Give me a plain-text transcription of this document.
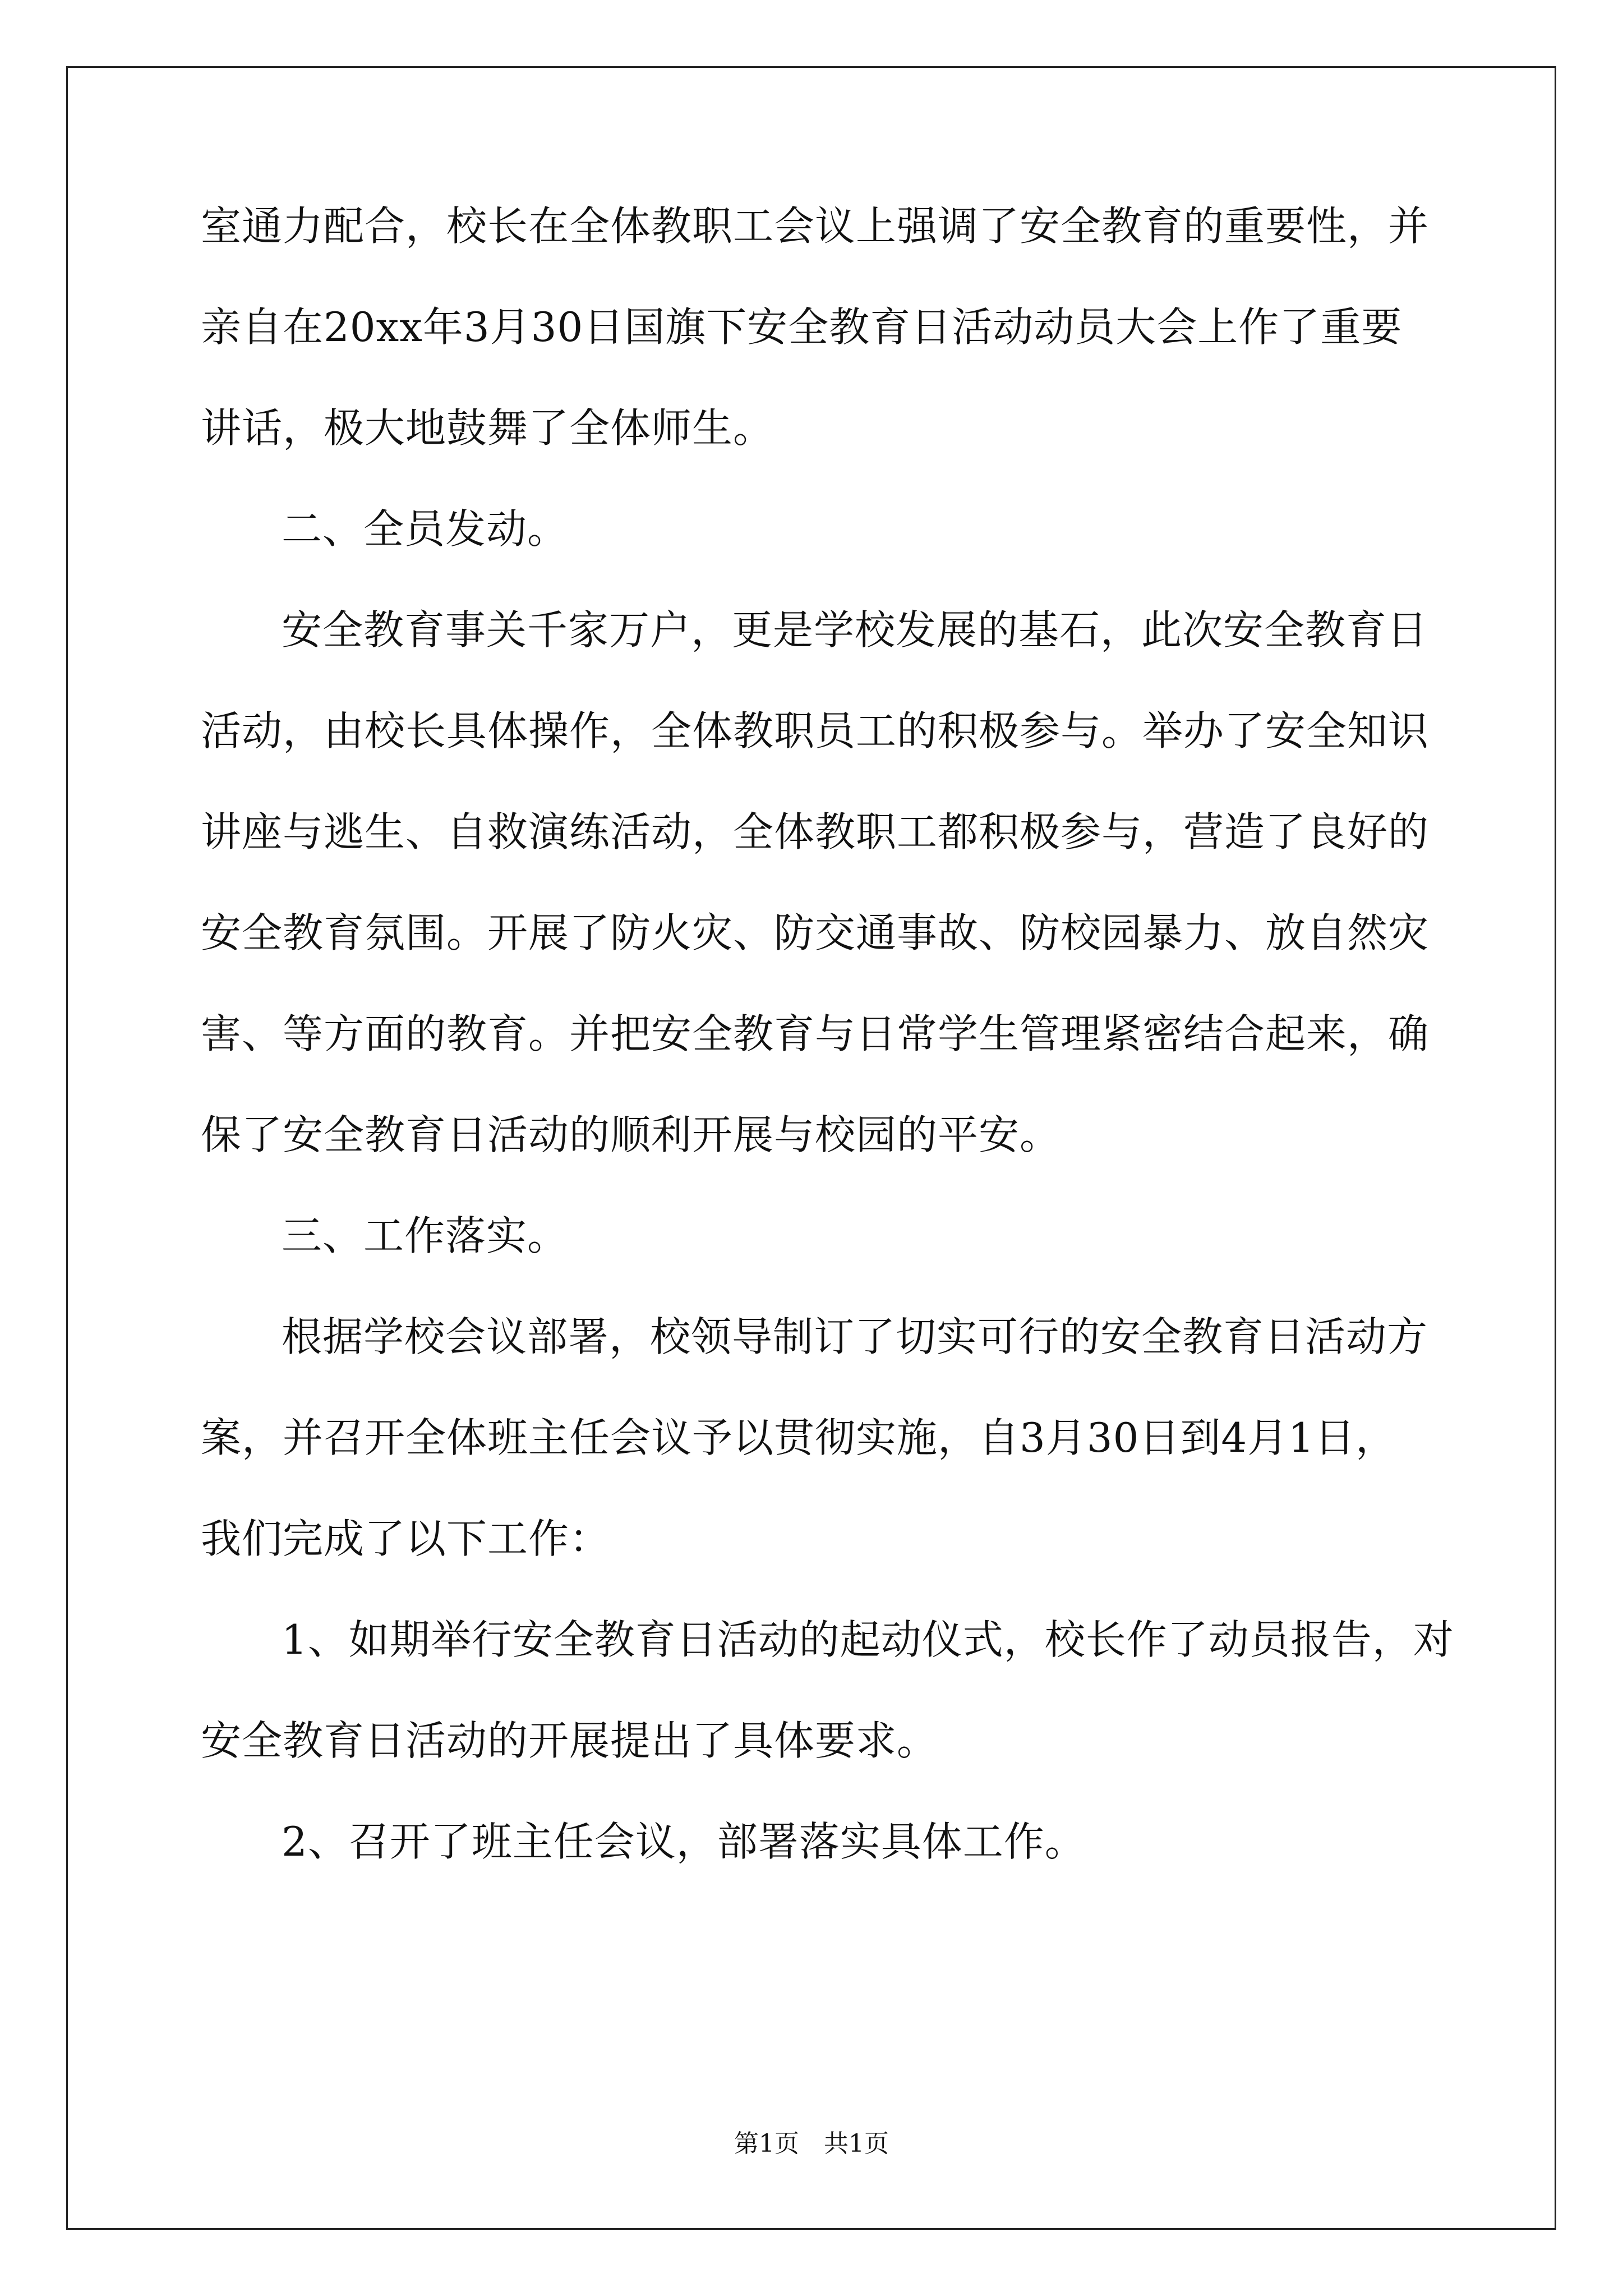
室通力配合，校长在全体教职工会议上强调了安全教育的重要性，并
亲自在20xx年3月30日国旗下安全教育日活动动员大会上作了重要
讲话，极大地鼓舞了全体师生。
二、全员发动。
安全教育事关千家万户，更是学校发展的基石，此次安全教育日
活动，由校长具体操作，全体教职员工的积极参与。举办了安全知识
讲座与逃生、自救演练活动，全体教职工都积极参与，营造了良好的
安全教育氛围。开展了防火灾、防交通事故、防校园暴力、放自然灾
害、等方面的教育。并把安全教育与日常学生管理紧密结合起来，确
保了安全教育日活动的顺利开展与校园的平安。
三、工作落实。
根据学校会议部署，校领导制订了切实可行的安全教育日活动方
案，并召开全体班主任会议予以贯彻实施，自3月30日到4月1日，
我们完成了以下工作：
1、如期举行安全教育日活动的起动仪式，校长作了动员报告，对
安全教育日活动的开展提出了具体要求。
2、召开了班主任会议，部署落实具体工作。
第1页　共1页
